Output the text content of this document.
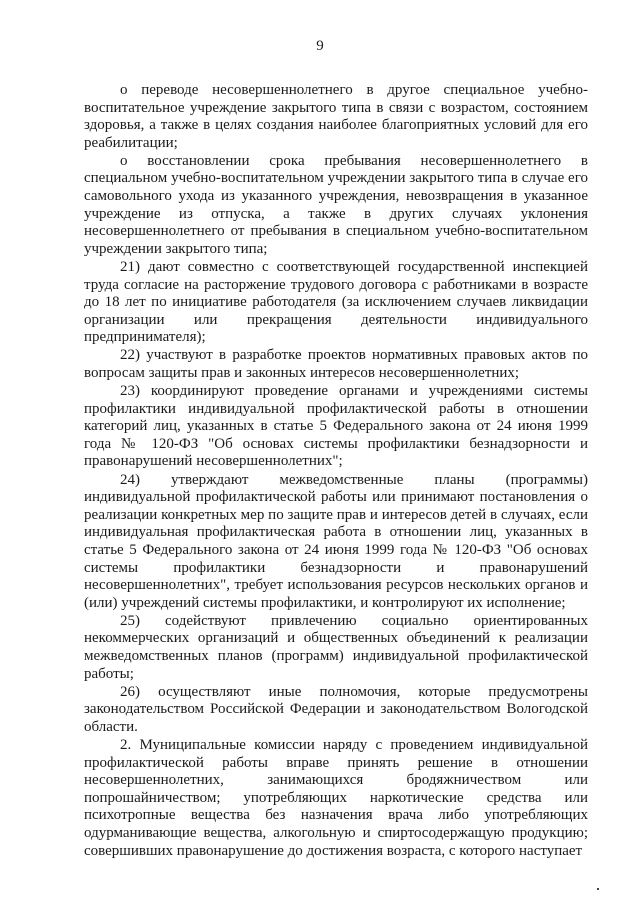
9

о переводе несовершеннолетнего в другое специальное учебно-воспитательное учреждение закрытого типа в связи с возрастом, состоянием здоровья, а также в целях создания наиболее благоприятных условий для его реабилитации;

о восстановлении срока пребывания несовершеннолетнего в специальном учебно-воспитательном учреждении закрытого типа в случае его самовольного ухода из указанного учреждения, невозвращения в указанное учреждение из отпуска, а также в других случаях уклонения несовершеннолетнего от пребывания в специальном учебно-воспитательном учреждении закрытого типа;

21) дают совместно с соответствующей государственной инспекцией труда согласие на расторжение трудового договора с работниками в возрасте до 18 лет по инициативе работодателя (за исключением случаев ликвидации организации или прекращения деятельности индивидуального предпринимателя);

22) участвуют в разработке проектов нормативных правовых актов по вопросам защиты прав и законных интересов несовершеннолетних;

23) координируют проведение органами и учреждениями системы профилактики индивидуальной профилактической работы в отношении категорий лиц, указанных в статье 5 Федерального закона от 24 июня 1999 года № 120-ФЗ "Об основах системы профилактики безнадзорности и правонарушений несовершеннолетних";

24) утверждают межведомственные планы (программы) индивидуальной профилактической работы или принимают постановления о реализации конкретных мер по защите прав и интересов детей в случаях, если индивидуальная профилактическая работа в отношении лиц, указанных в статье 5 Федерального закона от 24 июня 1999 года № 120-ФЗ "Об основах системы профилактики безнадзорности и правонарушений несовершеннолетних", требует использования ресурсов нескольких органов и (или) учреждений системы профилактики, и контролируют их исполнение;

25) содействуют привлечению социально ориентированных некоммерческих организаций и общественных объединений к реализации межведомственных планов (программ) индивидуальной профилактической работы;

26) осуществляют иные полномочия, которые предусмотрены законодательством Российской Федерации и законодательством Вологодской области.

2. Муниципальные комиссии наряду с проведением индивидуальной профилактической работы вправе принять решение в отношении несовершеннолетних, занимающихся бродяжничеством или попрошайничеством; употребляющих наркотические средства или психотропные вещества без назначения врача либо употребляющих одурманивающие вещества, алкогольную и спиртосодержащую продукцию; совершивших правонарушение до достижения возраста, с которого наступает
